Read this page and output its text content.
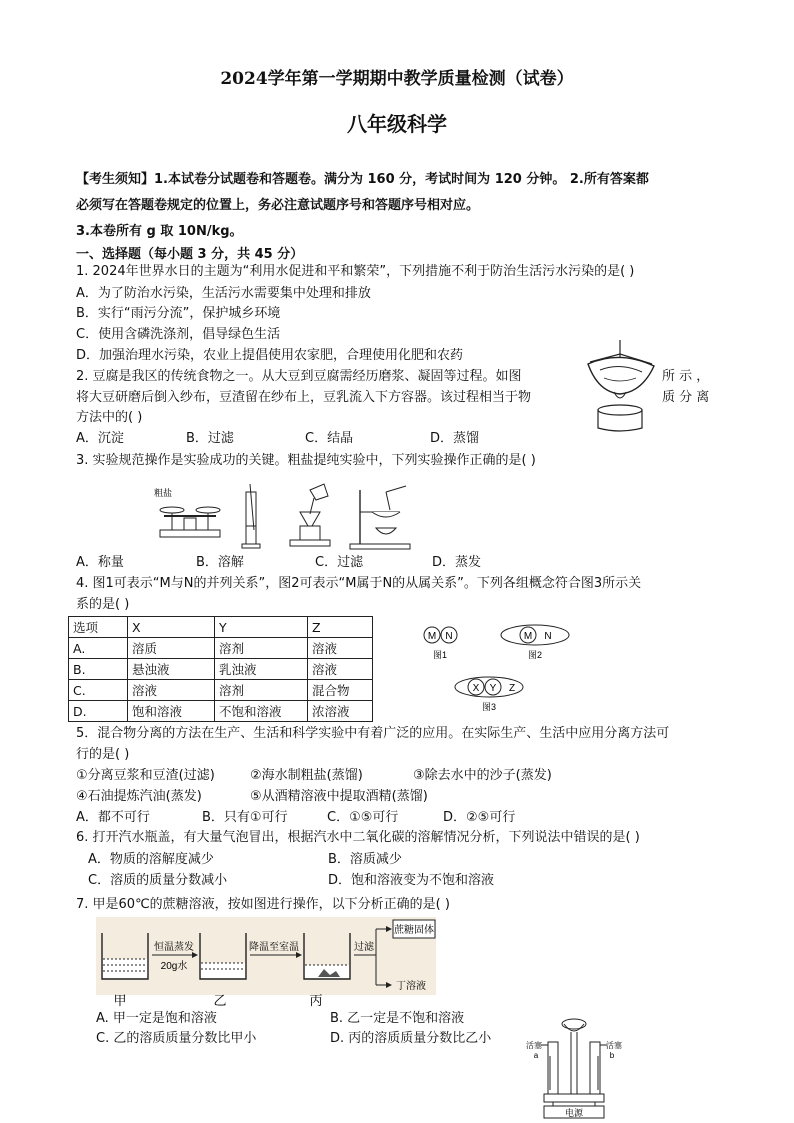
2024学年第一学期期中教学质量检测（试卷）
八年级科学
【考生须知】1.本试卷分试题卷和答题卷。满分为 160 分，考试时间为 120 分钟。 2.所有答案都
必须写在答题卷规定的位置上，务必注意试题序号和答题序号相对应。
3.本卷所有 g 取 10N/kg。
一、选择题（每小题 3 分，共 45 分）
1. 2024年世界水日的主题为“利用水促进和平和繁荣”，下列措施不利于防治生活污水污染的是( )
A．为了防治水污染，生活污水需要集中处理和排放
B．实行“雨污分流”，保护城乡环境
C．使用含磷洗涤剂，倡导绿色生活
D．加强治理水污染，农业上提倡使用农家肥，合理使用化肥和农药
2. 豆腐是我区的传统食物之一。从大豆到豆腐需经历磨浆、凝固等过程。如图	所 示 ，
将大豆研磨后倒入纱布，豆渣留在纱布上，豆乳流入下方容器。该过程相当于物	质 分 离
方法中的( )
A．沉淀	B．过滤	C．结晶	D．蒸馏
3. 实验规范操作是实验成功的关键。粗盐提纯实验中，下列实验操作正确的是( )
粗盐
A．称量	B．溶解	C．过滤	D．蒸发
4. 图1可表示“M与N的并列关系”，图2可表示“M属于N的从属关系”。下列各组概念符合图3所示关
系的是( )
选项	X	Y	Z
A.	溶质	溶剂	溶液
B.	悬浊液	乳浊液	溶液
C.	溶液	溶剂	混合物
D.	饱和溶液	不饱和溶液	浓溶液
M N
图1
M N
图2
X Y Z
图3
5．混合物分离的方法在生产、生活和科学实验中有着广泛的应用。在实际生产、生活中应用分离方法可
行的是( )
①分离豆浆和豆渣(过滤)	②海水制粗盐(蒸馏)	③除去水中的沙子(蒸发)
④石油提炼汽油(蒸发)	⑤从酒精溶液中提取酒精(蒸馏)
A．都不可行	B．只有①可行	C．①⑤可行	D．②⑤可行
6. 打开汽水瓶盖，有大量气泡冒出，根据汽水中二氧化碳的溶解情况分析，下列说法中错误的是( )
A．物质的溶解度减少	B．溶质减少
C．溶质的质量分数减小	D．饱和溶液变为不饱和溶液
7. 甲是60℃的蔗糖溶液，按如图进行操作，以下分析正确的是( )
恒温蒸发
20g水
降温至室温	过滤
蔗糖固体
丁溶液
甲	乙	丙
A. 甲一定是饱和溶液	B. 乙一定是不饱和溶液
C. 乙的溶质质量分数比甲小	D. 丙的溶质质量分数比乙小
电源
活塞
a
活塞
b
